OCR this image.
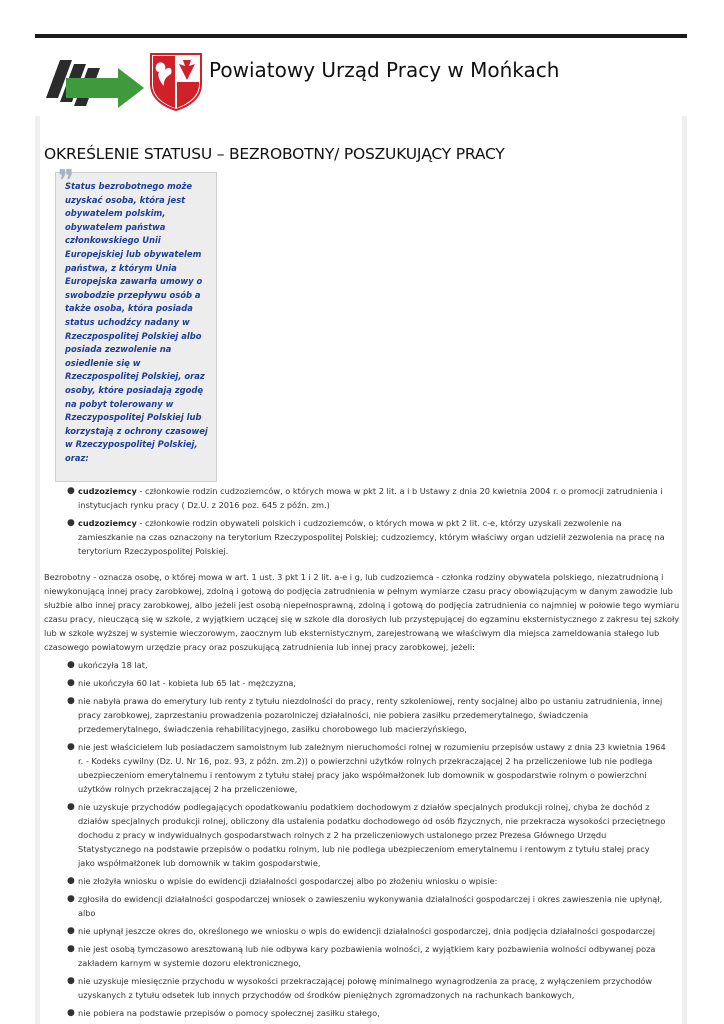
Powiatowy Urząd Pracy w Mońkach
OKREŚLENIE STATUSU – BEZROBOTNY/ POSZUKUJĄCY PRACY
❞
Status bezrobotnego może uzyskać osoba, która jest obywatelem polskim, obywatelem państwa członkowskiego Unii Europejskiej lub obywatelem państwa, z którym Unia Europejska zawarła umowy o swobodzie przepływu osób a także osoba, która posiada status uchodźcy nadany w Rzeczpospolitej Polskiej albo posiada zezwolenie na osiedlenie się w Rzeczpospolitej Polskiej, oraz osoby, które posiadają zgodę na pobyt tolerowany w Rzeczypospolitej Polskiej lub korzystają z ochrony czasowej w Rzeczypospolitej Polskiej, oraz:
● cudzoziemcy - członkowie rodzin cudzoziemców, o których mowa w pkt 2 lit. a i b Ustawy z dnia 20 kwietnia 2004 r. o promocji zatrudnienia i instytucjach rynku pracy ( Dz.U. z 2016 poz. 645 z późn. zm.)
● cudzoziemcy - członkowie rodzin obywateli polskich i cudzoziemców, o których mowa w pkt 2 lit. c-e, którzy uzyskali zezwolenie na zamieszkanie na czas oznaczony na terytorium Rzeczypospolitej Polskiej; cudzoziemcy, którym właściwy organ udzielił zezwolenia na pracę na terytorium Rzeczypospolitej Polskiej.
Bezrobotny - oznacza osobę, o której mowa w art. 1 ust. 3 pkt 1 i 2 lit. a-e i g, lub cudzoziemca - członka rodziny obywatela polskiego, niezatrudnioną i niewykonującą innej pracy zarobkowej, zdolną i gotową do podjęcia zatrudnienia w pełnym wymiarze czasu pracy obowiązującym w danym zawodzie lub służbie albo innej pracy zarobkowej, albo jeżeli jest osobą niepełnosprawną, zdolną i gotową do podjęcia zatrudnienia co najmniej w połowie tego wymiaru czasu pracy, nieuczącą się w szkole, z wyjątkiem uczącej się w szkole dla dorosłych lub przystępującej do egzaminu eksternistycznego z zakresu tej szkoły lub w szkole wyższej w systemie wieczorowym, zaocznym lub eksternistycznym, zarejestrowaną we właściwym dla miejsca zameldowania stałego lub czasowego powiatowym urzędzie pracy oraz poszukującą zatrudnienia lub innej pracy zarobkowej, jeżeli:
● ukończyła 18 lat,
● nie ukończyła 60 lat - kobieta lub 65 lat - mężczyzna,
● nie nabyła prawa do emerytury lub renty z tytułu niezdolności do pracy, renty szkoleniowej, renty socjalnej albo po ustaniu zatrudnienia, innej pracy zarobkowej, zaprzestaniu prowadzenia pozarolniczej działalności, nie pobiera zasiłku przedemerytalnego, świadczenia przedemerytalnego, świadczenia rehabilitacyjnego, zasiłku chorobowego lub macierzyńskiego,
● nie jest właścicielem lub posiadaczem samoistnym lub zależnym nieruchomości rolnej w rozumieniu przepisów ustawy z dnia 23 kwietnia 1964 r. - Kodeks cywilny (Dz. U. Nr 16, poz. 93, z późn. zm.2)) o powierzchni użytków rolnych przekraczającej 2 ha przeliczeniowe lub nie podlega ubezpieczeniom emerytalnemu i rentowym z tytułu stałej pracy jako współmałżonek lub domownik w gospodarstwie rolnym o powierzchni użytków rolnych przekraczającej 2 ha przeliczeniowe,
● nie uzyskuje przychodów podlegających opodatkowaniu podatkiem dochodowym z działów specjalnych produkcji rolnej, chyba że dochód z działów specjalnych produkcji rolnej, obliczony dla ustalenia podatku dochodowego od osób fizycznych, nie przekracza wysokości przeciętnego dochodu z pracy w indywidualnych gospodarstwach rolnych z 2 ha przeliczeniowych ustalonego przez Prezesa Głównego Urzędu Statystycznego na podstawie przepisów o podatku rolnym, lub nie podlega ubezpieczeniom emerytalnemu i rentowym z tytułu stałej pracy jako współmałżonek lub domownik w takim gospodarstwie,
● nie złożyła wniosku o wpisie do ewidencji działalności gospodarczej albo po złożeniu wniosku o wpisie:
● zgłosiła do ewidencji działalności gospodarczej wniosek o zawieszeniu wykonywania działalności gospodarczej i okres zawieszenia nie upłynął, albo
● nie upłynął jeszcze okres do, określonego we wniosku o wpis do ewidencji działalności gospodarczej, dnia podjęcia działalności gospodarczej
● nie jest osobą tymczasowo aresztowaną lub nie odbywa kary pozbawienia wolności, z wyjątkiem kary pozbawienia wolności odbywanej poza zakładem karnym w systemie dozoru elektronicznego,
● nie uzyskuje miesięcznie przychodu w wysokości przekraczającej połowę minimalnego wynagrodzenia za pracę, z wyłączeniem przychodów uzyskanych z tytułu odsetek lub innych przychodów od środków pieniężnych zgromadzonych na rachunkach bankowych,
● nie pobiera na podstawie przepisów o pomocy społecznej zasiłku stałego,
